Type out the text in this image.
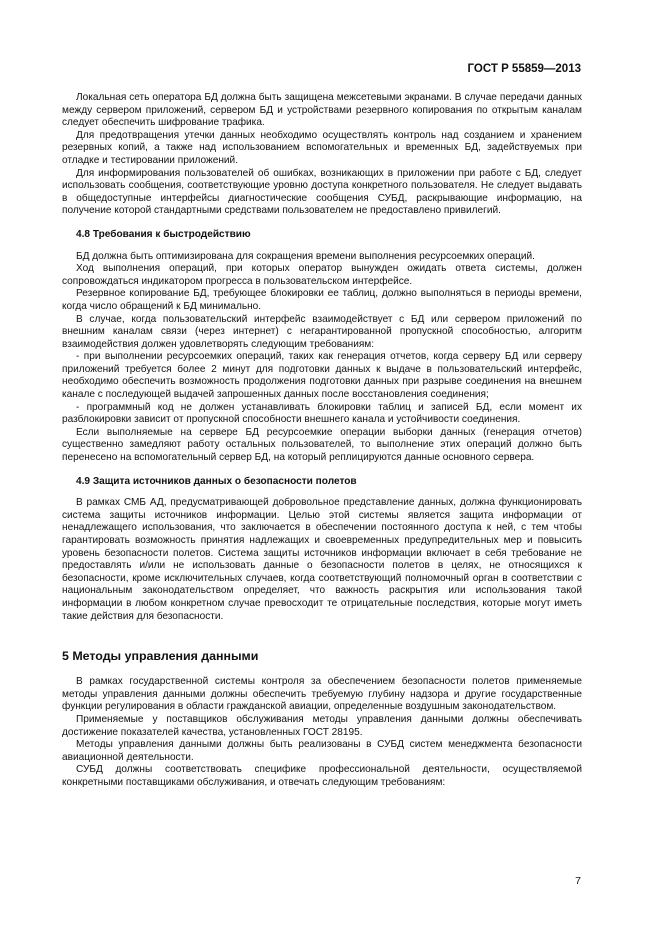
ГОСТ Р 55859—2013

Локальная сеть оператора БД должна быть защищена межсетевыми экранами. В случае передачи данных между сервером приложений, сервером БД и устройствами резервного копирования по открытым каналам следует обеспечить шифрование трафика.

Для предотвращения утечки данных необходимо осуществлять контроль над созданием и хранением резервных копий, а также над использованием вспомогательных и временных БД, задействуемых при отладке и тестировании приложений.

Для информирования пользователей об ошибках, возникающих в приложении при работе с БД, следует использовать сообщения, соответствующие уровню доступа конкретного пользователя. Не следует выдавать в общедоступные интерфейсы диагностические сообщения СУБД, раскрывающие информацию, на получение которой стандартными средствами пользователем не предоставлено привилегий.

4.8 Требования к быстродействию

БД должна быть оптимизирована для сокращения времени выполнения ресурсоемких операций.

Ход выполнения операций, при которых оператор вынужден ожидать ответа системы, должен сопровождаться индикатором прогресса в пользовательском интерфейсе.

Резервное копирование БД, требующее блокировки ее таблиц, должно выполняться в периоды времени, когда число обращений к БД минимально.

В случае, когда пользовательский интерфейс взаимодействует с БД или сервером приложений по внешним каналам связи (через интернет) с негарантированной пропускной способностью, алгоритм взаимодействия должен удовлетворять следующим требованиям:

- при выполнении ресурсоемких операций, таких как генерация отчетов, когда серверу БД или серверу приложений требуется более 2 минут для подготовки данных к выдаче в пользовательский интерфейс, необходимо обеспечить возможность продолжения подготовки данных при разрыве соединения на внешнем канале с последующей выдачей запрошенных данных после восстановления соединения;

- программный код не должен устанавливать блокировки таблиц и записей БД, если момент их разблокировки зависит от пропускной способности внешнего канала и устойчивости соединения.

Если выполняемые на сервере БД ресурсоемкие операции выборки данных (генерация отчетов) существенно замедляют работу остальных пользователей, то выполнение этих операций должно быть перенесено на вспомогательный сервер БД, на который реплицируются данные основного сервера.

4.9 Защита источников данных о безопасности полетов

В рамках СМБ АД, предусматривающей добровольное представление данных, должна функционировать система защиты источников информации. Целью этой системы является защита информации от ненадлежащего использования, что заключается в обеспечении постоянного доступа к ней, с тем чтобы гарантировать возможность принятия надлежащих и своевременных предупредительных мер и повысить уровень безопасности полетов. Система защиты источников информации включает в себя требование не предоставлять и/или не использовать данные о безопасности полетов в целях, не относящихся к безопасности, кроме исключительных случаев, когда соответствующий полномочный орган в соответствии с национальным законодательством определяет, что важность раскрытия или использования такой информации в любом конкретном случае превосходит те отрицательные последствия, которые могут иметь такие действия для безопасности.

5 Методы управления данными

В рамках государственной системы контроля за обеспечением безопасности полетов применяемые методы управления данными должны обеспечить требуемую глубину надзора и другие государственные функции регулирования в области гражданской авиации, определенные воздушным законодательством.

Применяемые у поставщиков обслуживания методы управления данными должны обеспечивать достижение показателей качества, установленных ГОСТ 28195.

Методы управления данными должны быть реализованы в СУБД систем менеджмента безопасности авиационной деятельности.

СУБД должны соответствовать специфике профессиональной деятельности, осуществляемой конкретными поставщиками обслуживания, и отвечать следующим требованиям:

7
